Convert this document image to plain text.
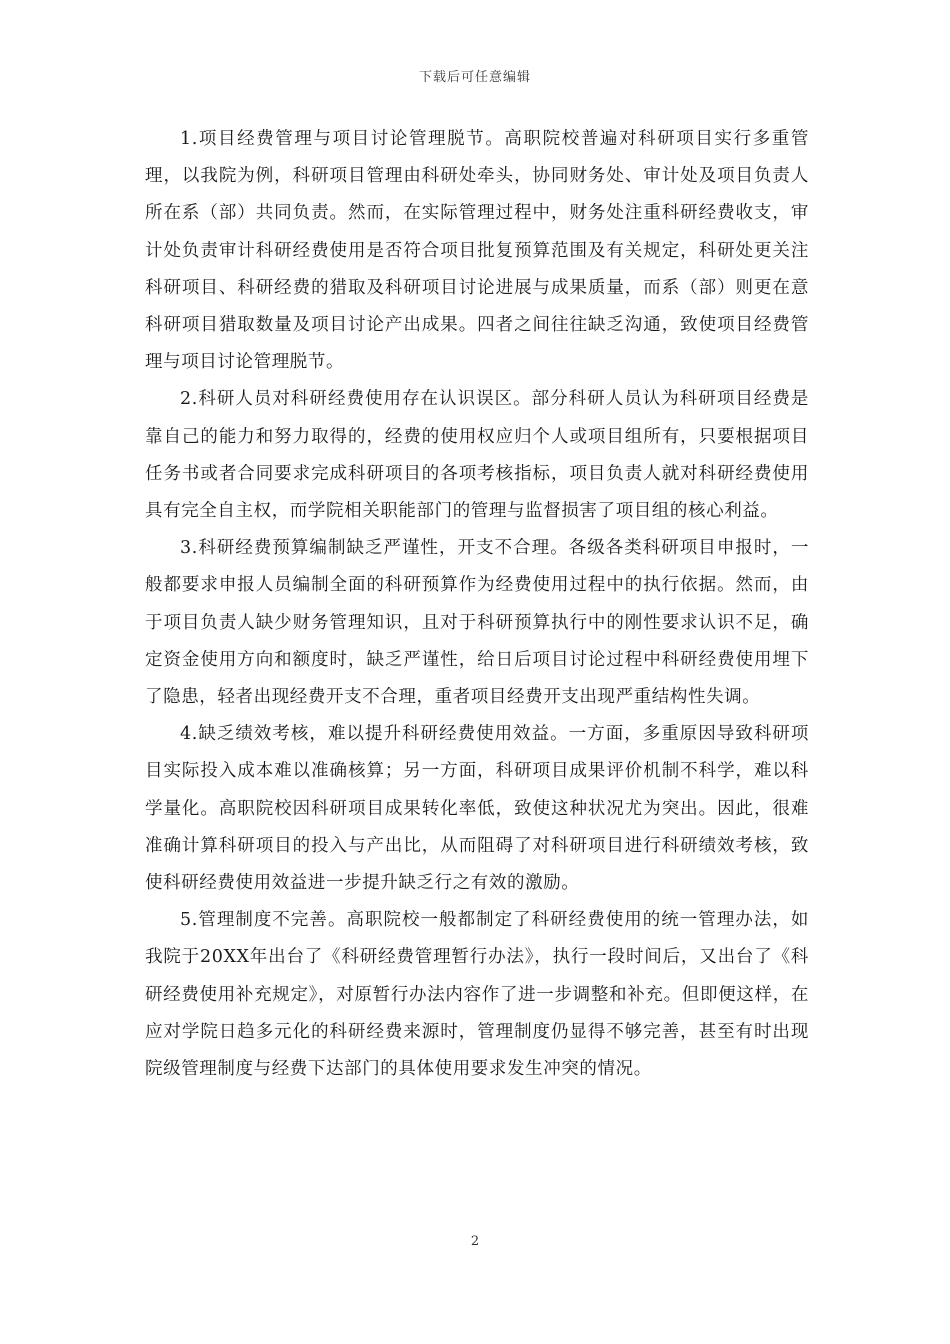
下载后可任意编辑

1.项目经费管理与项目讨论管理脱节。高职院校普遍对科研项目实行多重管理，以我院为例，科研项目管理由科研处牵头，协同财务处、审计处及项目负责人所在系（部）共同负责。然而，在实际管理过程中，财务处注重科研经费收支，审计处负责审计科研经费使用是否符合项目批复预算范围及有关规定，科研处更关注科研项目、科研经费的猎取及科研项目讨论进展与成果质量，而系（部）则更在意科研项目猎取数量及项目讨论产出成果。四者之间往往缺乏沟通，致使项目经费管理与项目讨论管理脱节。

2.科研人员对科研经费使用存在认识误区。部分科研人员认为科研项目经费是靠自己的能力和努力取得的，经费的使用权应归个人或项目组所有，只要根据项目任务书或者合同要求完成科研项目的各项考核指标，项目负责人就对科研经费使用具有完全自主权，而学院相关职能部门的管理与监督损害了项目组的核心利益。

3.科研经费预算编制缺乏严谨性，开支不合理。各级各类科研项目申报时，一般都要求申报人员编制全面的科研预算作为经费使用过程中的执行依据。然而，由于项目负责人缺少财务管理知识，且对于科研预算执行中的刚性要求认识不足，确定资金使用方向和额度时，缺乏严谨性，给日后项目讨论过程中科研经费使用埋下了隐患，轻者出现经费开支不合理，重者项目经费开支出现严重结构性失调。

4.缺乏绩效考核，难以提升科研经费使用效益。一方面，多重原因导致科研项目实际投入成本难以准确核算；另一方面，科研项目成果评价机制不科学，难以科学量化。高职院校因科研项目成果转化率低，致使这种状况尤为突出。因此，很难准确计算科研项目的投入与产出比，从而阻碍了对科研项目进行科研绩效考核，致使科研经费使用效益进一步提升缺乏行之有效的激励。

5.管理制度不完善。高职院校一般都制定了科研经费使用的统一管理办法，如我院于20XX年出台了《科研经费管理暂行办法》，执行一段时间后，又出台了《科研经费使用补充规定》，对原暂行办法内容作了进一步调整和补充。但即便这样，在应对学院日趋多元化的科研经费来源时，管理制度仍显得不够完善，甚至有时出现院级管理制度与经费下达部门的具体使用要求发生冲突的情况。

2
